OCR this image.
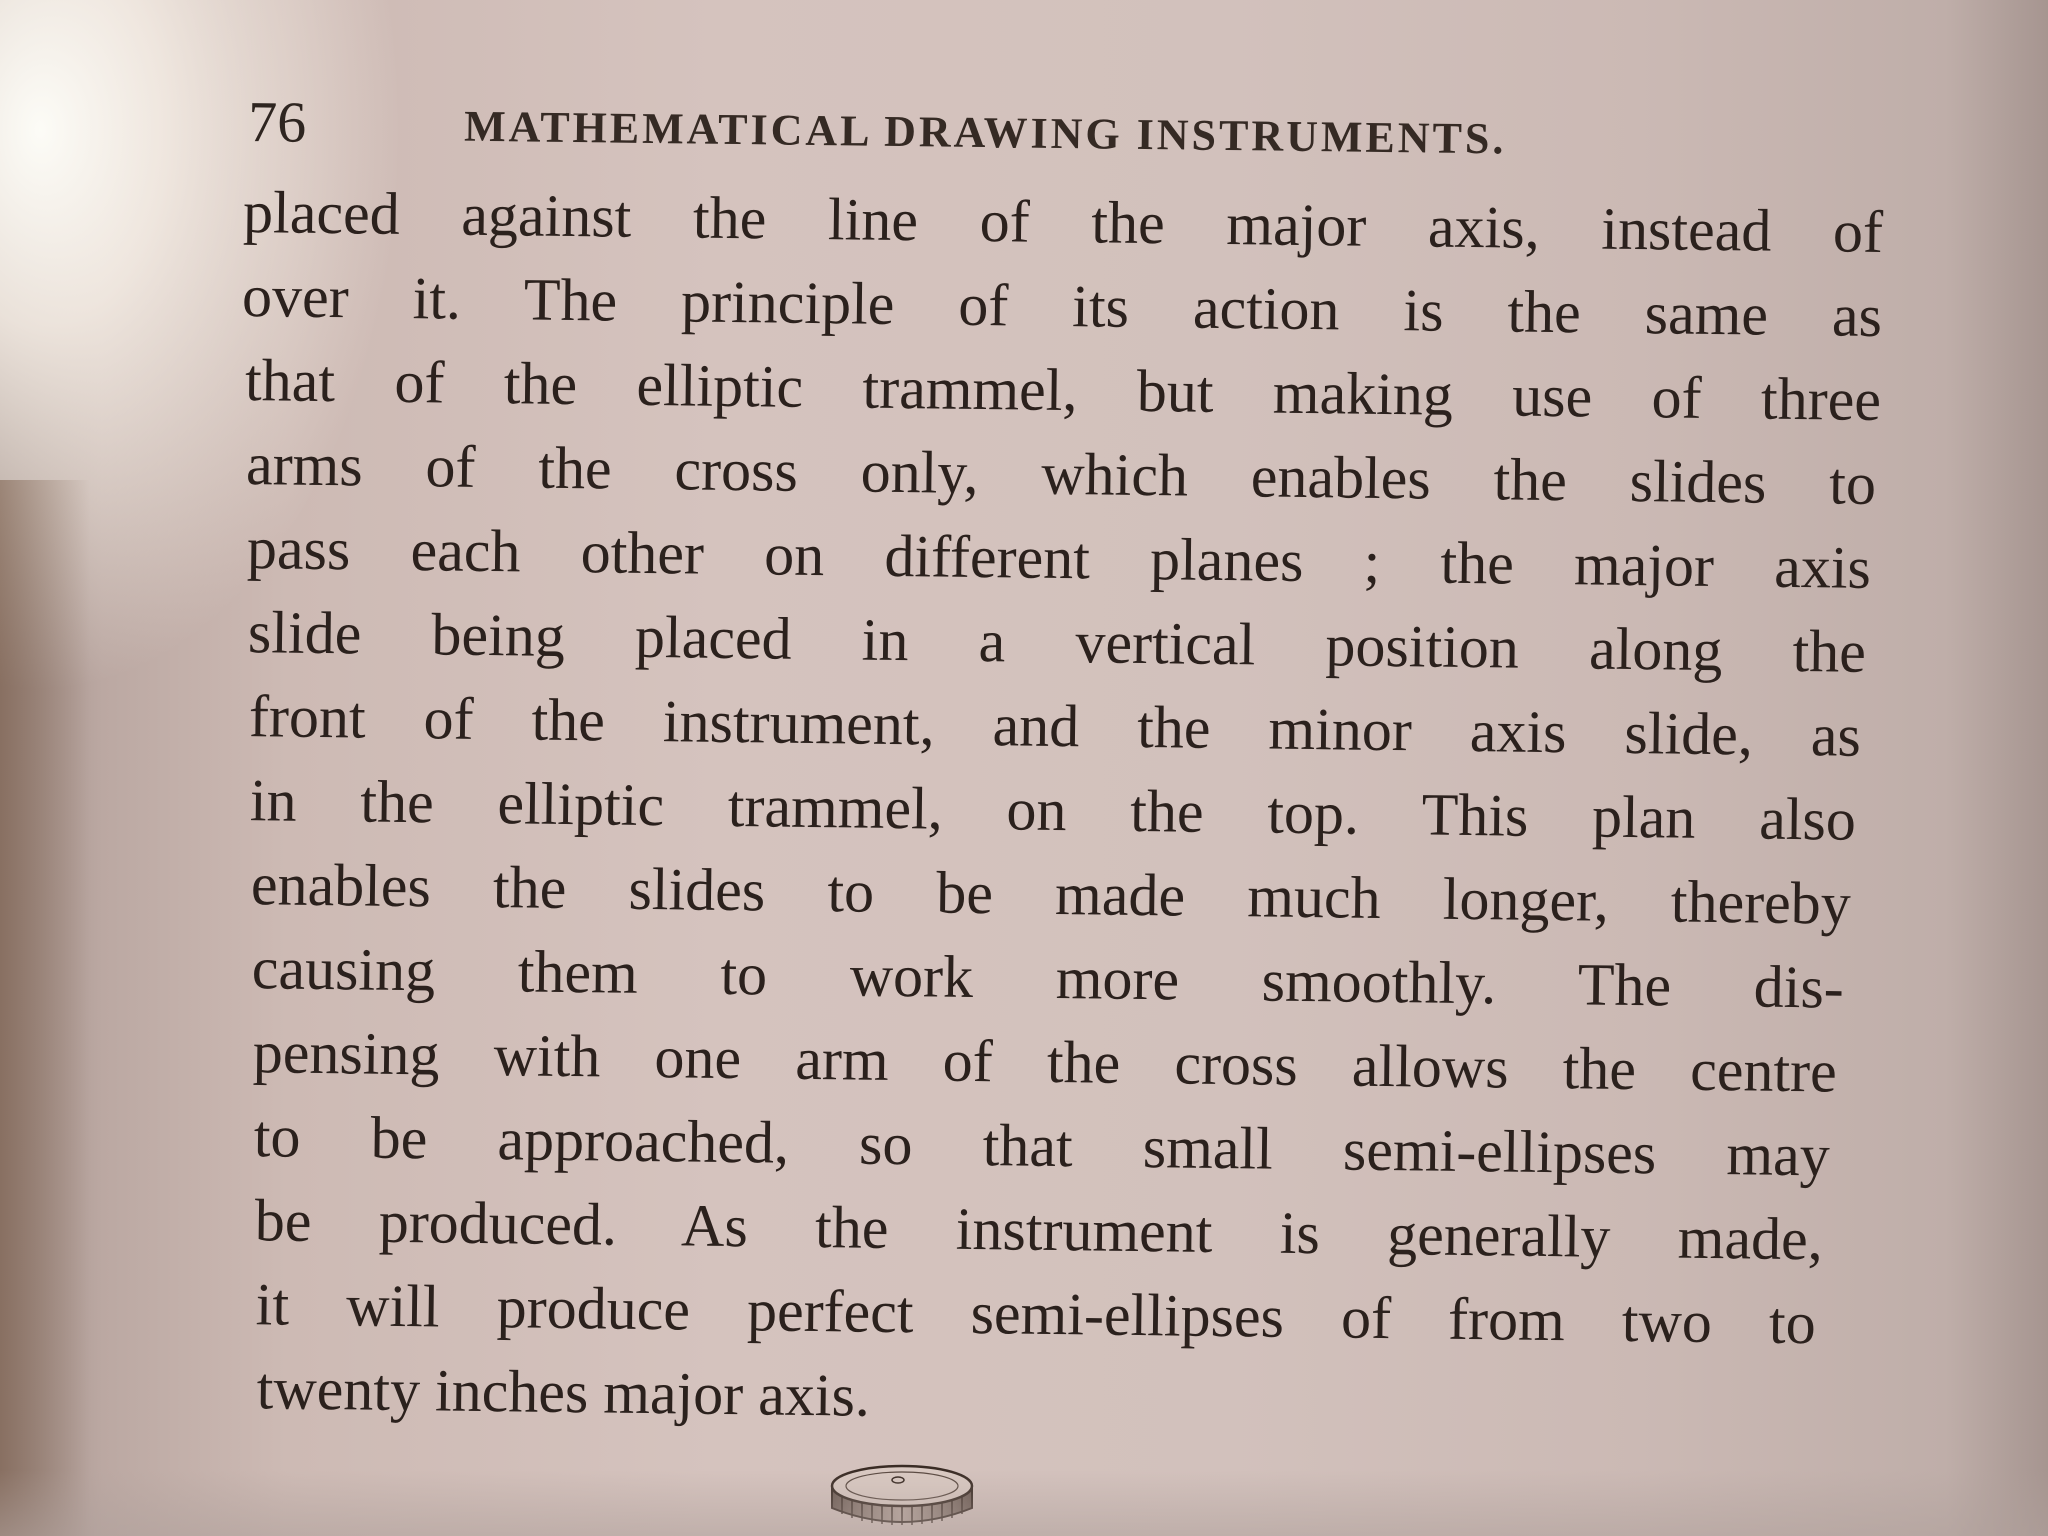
76	MATHEMATICAL DRAWING INSTRUMENTS.
placed against the line of the major axis, instead of
over it. The principle of its action is the same as
that of the elliptic trammel, but making use of three
arms of the cross only, which enables the slides to
pass each other on different planes ; the major axis
slide being placed in a vertical position along the
front of the instrument, and the minor axis slide, as
in the elliptic trammel, on the top. This plan also
enables the slides to be made much longer, thereby
causing them to work more smoothly. The dis-
pensing with one arm of the cross allows the centre
to be approached, so that small semi-ellipses may
be produced. As the instrument is generally made,
it will produce perfect semi-ellipses of from two to
twenty inches major axis.
